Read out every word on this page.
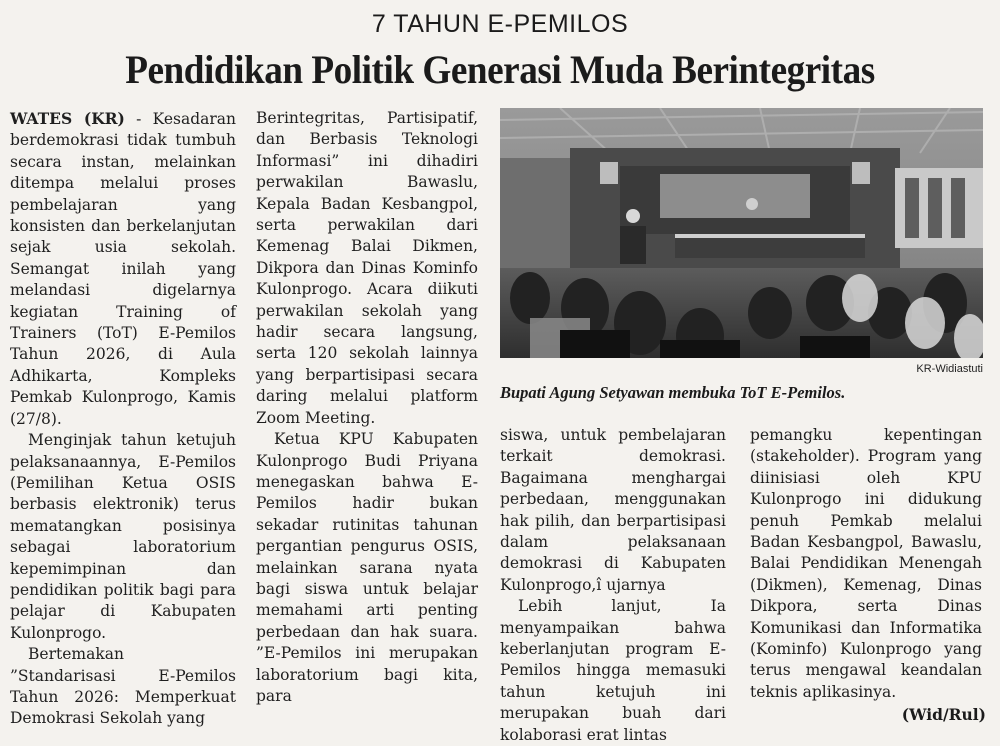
7 TAHUN E-PEMILOS
Pendidikan Politik Generasi Muda Berintegritas

WATES (KR) - Kesadaran berdemokrasi tidak tumbuh secara instan, melainkan ditempa melalui proses pembelajaran yang konsisten dan berkelanjutan sejak usia sekolah. Semangat inilah yang melandasi digelarnya kegiatan Training of Trainers (ToT) E-Pemilos Tahun 2026, di Aula Adhikarta, Kompleks Pemkab Kulonprogo, Kamis (27/8).

Menginjak tahun ketujuh pelaksanaannya, E-Pemilos (Pemilihan Ketua OSIS berbasis elektronik) terus mematangkan posisinya sebagai laboratorium kepemimpinan dan pendidikan politik bagi para pelajar di Kabupaten Kulonprogo.

Bertemakan

”Standarisasi E-Pemilos Tahun 2026: Memperkuat Demokrasi Sekolah yang

Berintegritas, Partisipatif, dan Berbasis Teknologi Informasi” ini dihadiri perwakilan Bawaslu, Kepala Badan Kesbangpol, serta perwakilan dari Kemenag Balai Dikmen, Dikpora dan Dinas Kominfo Kulonprogo. Acara diikuti perwakilan sekolah yang hadir secara langsung, serta 120 sekolah lainnya yang berpartisipasi secara daring melalui platform Zoom Meeting.

Ketua KPU Kabupaten Kulonprogo Budi Priyana menegaskan bahwa E-Pemilos hadir bukan sekadar rutinitas tahunan pergantian pengurus OSIS, melainkan sarana nyata bagi siswa untuk belajar memahami arti penting perbedaan dan hak suara. ”E-Pemilos ini merupakan laboratorium bagi kita, para

KR-Widiastuti
Bupati Agung Setyawan membuka ToT E-Pemilos.

siswa, untuk pembelajaran terkait demokrasi. Bagaimana menghargai perbedaan, menggunakan hak pilih, dan berpartisipasi dalam pelaksanaan demokrasi di Kabupaten Kulonprogo,î ujarnya

Lebih lanjut, Ia menyampaikan bahwa keberlanjutan program E-Pemilos hingga memasuki tahun ketujuh ini merupakan buah dari kolaborasi erat lintas

pemangku kepentingan (stakeholder). Program yang diinisiasi oleh KPU Kulonprogo ini didukung penuh Pemkab melalui Badan Kesbangpol, Bawaslu, Balai Pendidikan Menengah (Dikmen), Kemenag, Dinas Dikpora, serta Dinas Komunikasi dan Informatika (Kominfo) Kulonprogo yang terus mengawal keandalan teknis aplikasinya.

(Wid/Rul)
